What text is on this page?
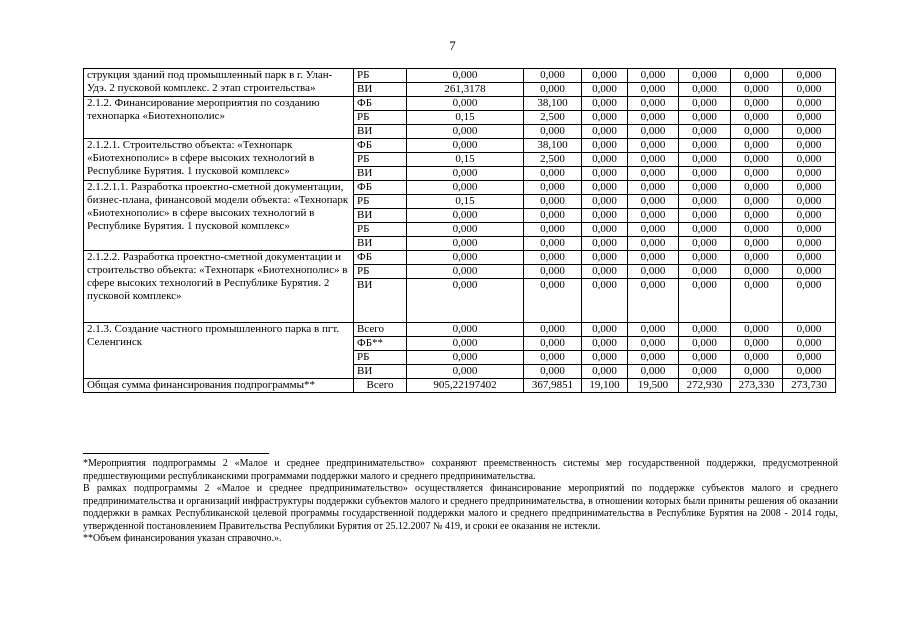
7
струкция зданий под промышленный парк в г. Улан-Удэ. 2 пусковой комплекс. 2 этап строительства»	РБ	0,000	0,000	0,000	0,000	0,000	0,000	0,000
	ВИ	261,3178	0,000	0,000	0,000	0,000	0,000	0,000
2.1.2. Финансирование мероприятия по созданию технопарка «Биотехнополис»	ФБ	0,000	38,100	0,000	0,000	0,000	0,000	0,000
	РБ	0,15	2,500	0,000	0,000	0,000	0,000	0,000
	ВИ	0,000	0,000	0,000	0,000	0,000	0,000	0,000
2.1.2.1. Строительство объекта: «Технопарк «Биотехнополис» в сфере высоких технологий в Республике Бурятия. 1 пусковой комплекс»	ФБ	0,000	38,100	0,000	0,000	0,000	0,000	0,000
	РБ	0,15	2,500	0,000	0,000	0,000	0,000	0,000
	ВИ	0,000	0,000	0,000	0,000	0,000	0,000	0,000
2.1.2.1.1. Разработка проектно-сметной документации, бизнес-плана, финансовой модели объекта: «Технопарк «Биотехнополис» в сфере высоких технологий в Республике Бурятия. 1 пусковой комплекс»	ФБ	0,000	0,000	0,000	0,000	0,000	0,000	0,000
	РБ	0,15	0,000	0,000	0,000	0,000	0,000	0,000
	ВИ	0,000	0,000	0,000	0,000	0,000	0,000	0,000
	РБ	0,000	0,000	0,000	0,000	0,000	0,000	0,000
	ВИ	0,000	0,000	0,000	0,000	0,000	0,000	0,000
2.1.2.2. Разработка проектно-сметной документации и строительство объекта: «Технопарк «Биотехнополис» в сфере высоких технологий в Республике Бурятия. 2 пусковой комплекс»	ФБ	0,000	0,000	0,000	0,000	0,000	0,000	0,000
	РБ	0,000	0,000	0,000	0,000	0,000	0,000	0,000
	ВИ	0,000	0,000	0,000	0,000	0,000	0,000	0,000
2.1.3. Создание частного промышленного парка в пгт. Селенгинск	Всего	0,000	0,000	0,000	0,000	0,000	0,000	0,000
	ФБ**	0,000	0,000	0,000	0,000	0,000	0,000	0,000
	РБ	0,000	0,000	0,000	0,000	0,000	0,000	0,000
	ВИ	0,000	0,000	0,000	0,000	0,000	0,000	0,000
Общая сумма финансирования подпрограммы**	Всего	905,22197402	367,9851	19,100	19,500	272,930	273,330	273,730

*Мероприятия подпрограммы 2 «Малое и среднее предпринимательство» сохраняют преемственность системы мер государственной поддержки, предусмотренной предшествующими республиканскими программами поддержки малого и среднего предпринимательства.

В рамках подпрограммы 2 «Малое и среднее предпринимательство» осуществляется финансирование мероприятий по поддержке субъектов малого и среднего предпринимательства и организаций инфраструктуры поддержки субъектов малого и среднего предпринимательства, в отношении которых были приняты решения об оказании поддержки в рамках Республиканской целевой программы государственной поддержки малого и среднего предпринимательства в Республике Бурятия на 2008 - 2014 годы, утвержденной постановлением Правительства Республики Бурятия от 25.12.2007 № 419, и сроки ее оказания не истекли.

**Объем финансирования указан справочно.».
